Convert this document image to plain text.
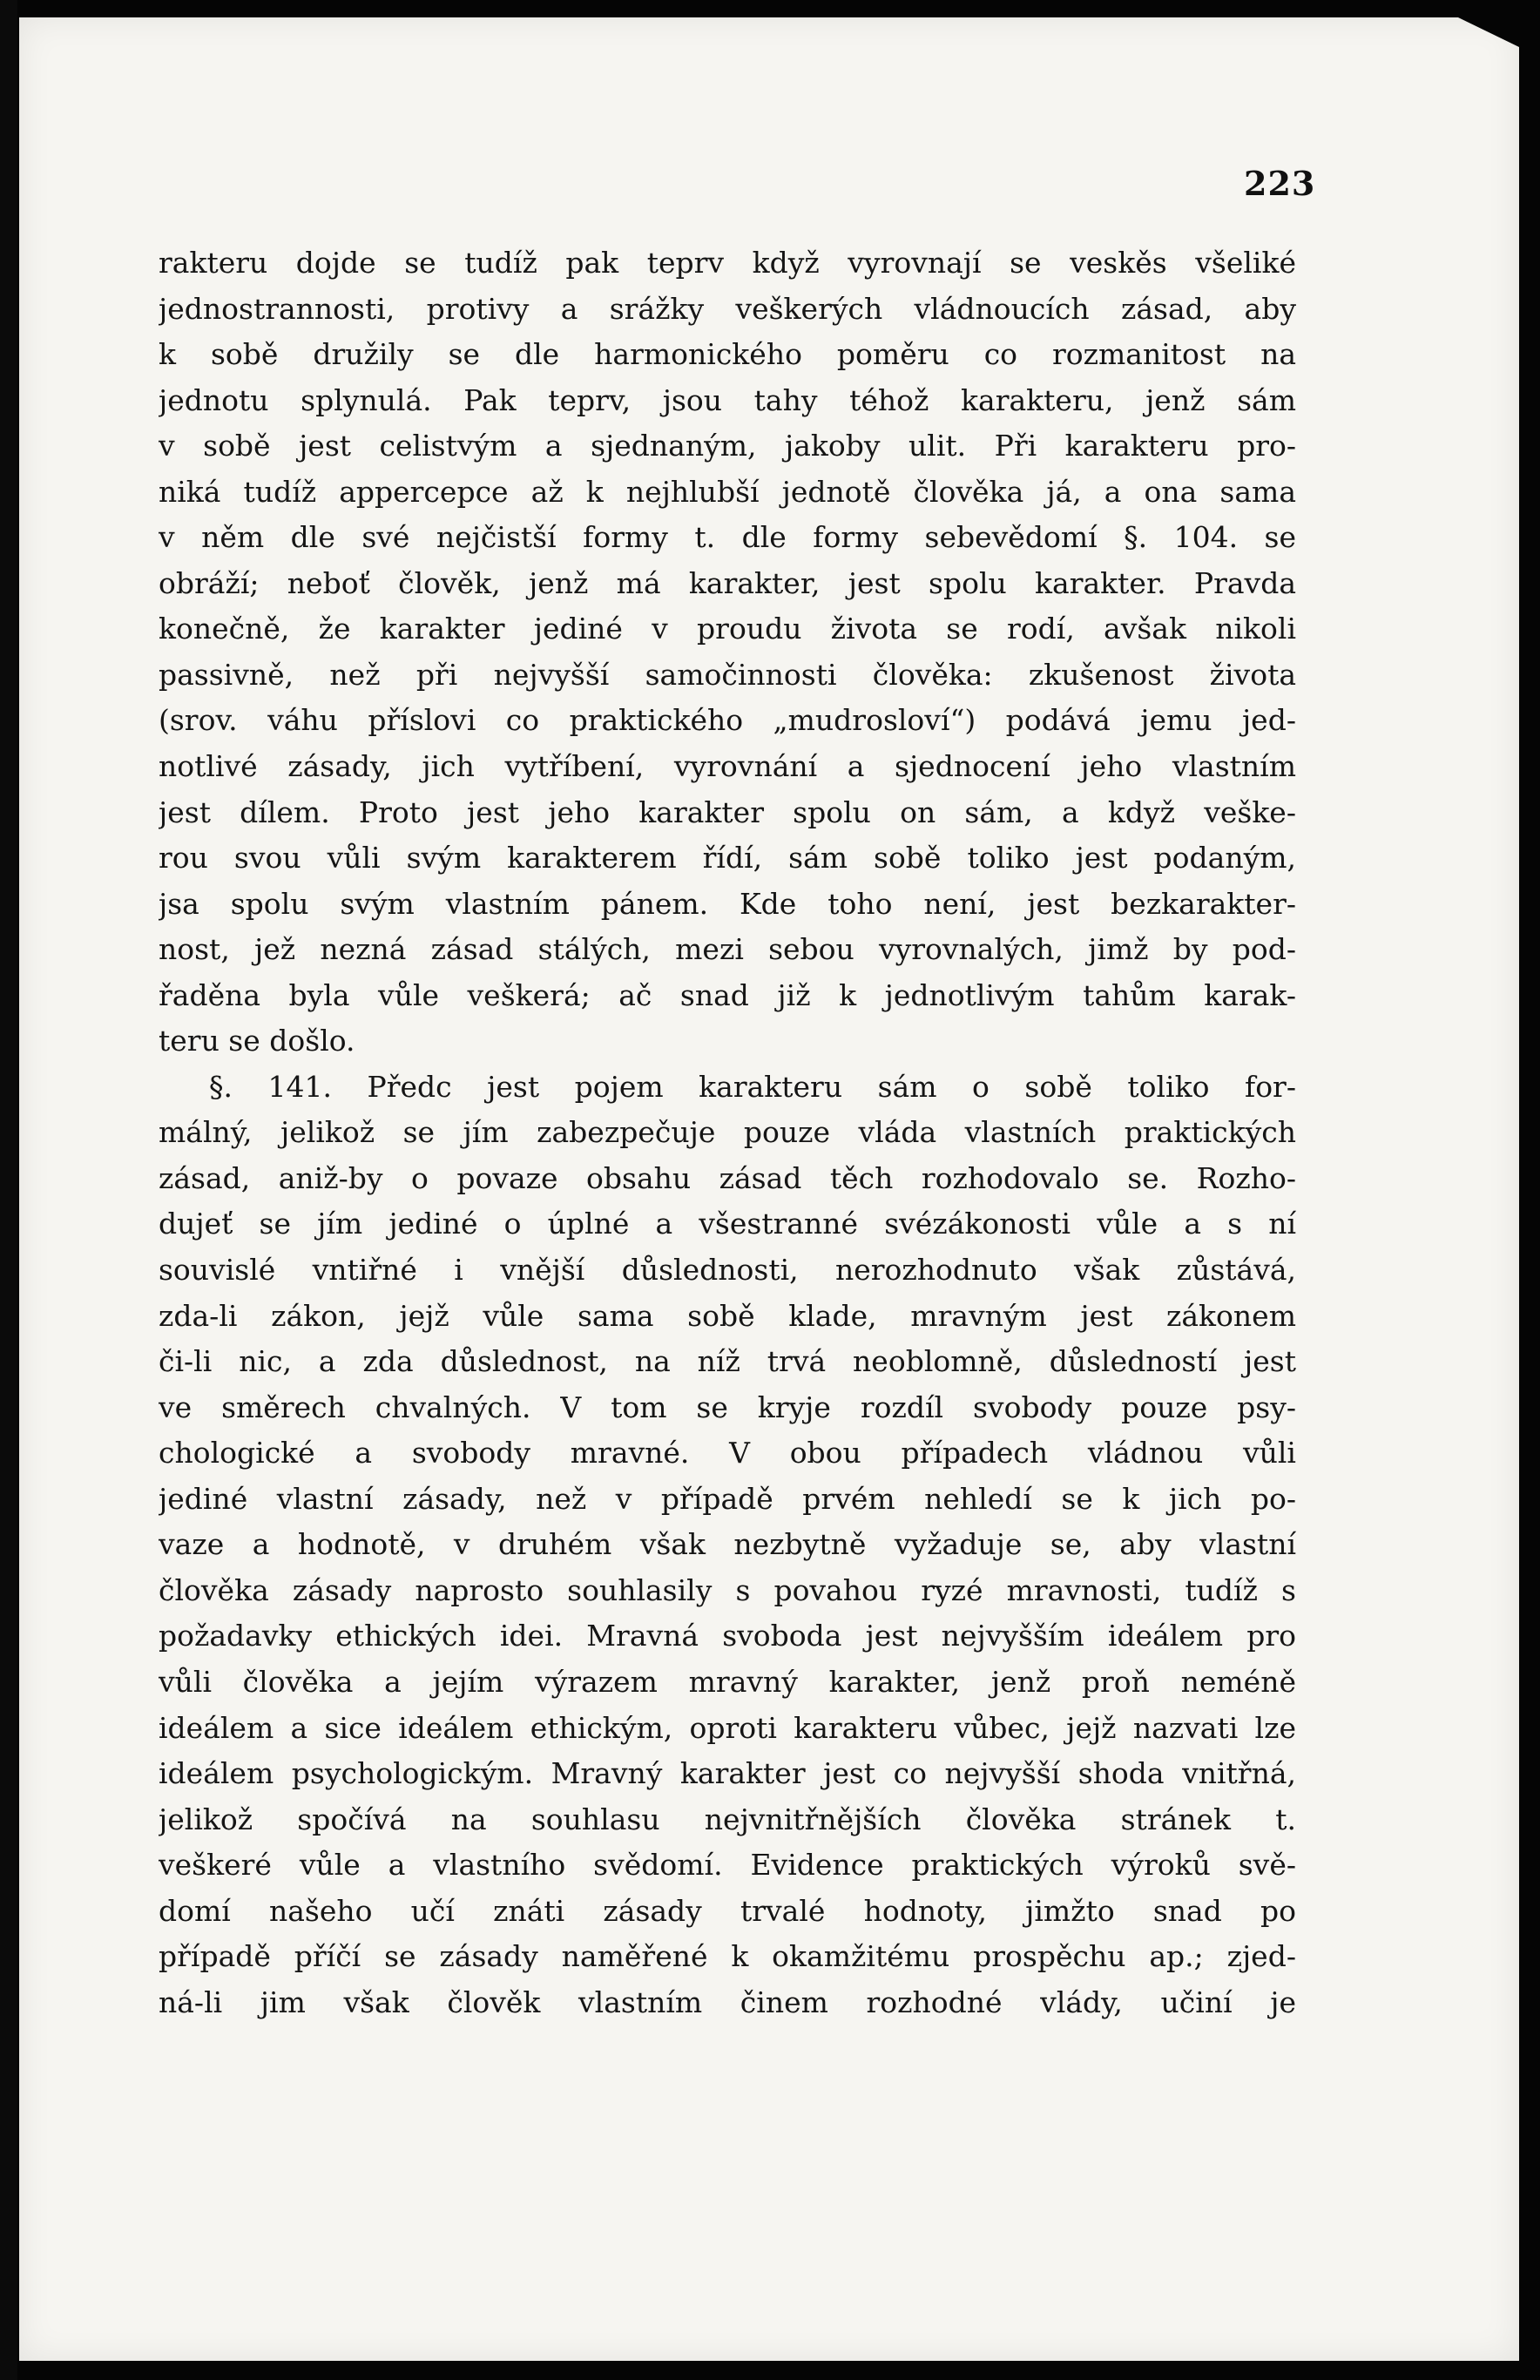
223
rakteru dojde se tudíž pak teprv když vyrovnají se veskěs všeliké
jednostrannosti, protivy a srážky veškerých vládnoucích zásad, aby
k sobě družily se dle harmonického poměru co rozmanitost na
jednotu splynulá. Pak teprv, jsou tahy téhož karakteru, jenž sám
v sobě jest celistvým a sjednaným, jakoby ulit. Při karakteru pro-
niká tudíž appercepce až k nejhlubší jednotě člověka já, a ona sama
v něm dle své nejčistší formy t. dle formy sebevědomí §. 104. se
obráží; neboť člověk, jenž má karakter, jest spolu karakter. Pravda
konečně, že karakter jediné v proudu života se rodí, avšak nikoli
passivně, než při nejvyšší samočinnosti člověka: zkušenost života
(srov. váhu příslovi co praktického „mudrosloví“) podává jemu jed-
notlivé zásady, jich vytříbení, vyrovnání a sjednocení jeho vlastním
jest dílem. Proto jest jeho karakter spolu on sám, a když veške-
rou svou vůli svým karakterem řídí, sám sobě toliko jest podaným,
jsa spolu svým vlastním pánem. Kde toho není, jest bezkarakter-
nost, jež nezná zásad stálých, mezi sebou vyrovnalých, jimž by pod-
řaděna byla vůle veškerá; ač snad již k jednotlivým tahům karak-
teru se došlo.
§. 141. Předc jest pojem karakteru sám o sobě toliko for-
málný, jelikož se jím zabezpečuje pouze vláda vlastních praktických
zásad, aniž-by o povaze obsahu zásad těch rozhodovalo se. Rozho-
dujeť se jím jediné o úplné a všestranné svézákonosti vůle a s ní
souvislé vntiřné i vnější důslednosti, nerozhodnuto však zůstává,
zda-li zákon, jejž vůle sama sobě klade, mravným jest zákonem
či-li nic, a zda důslednost, na níž trvá neoblomně, důsledností jest
ve směrech chvalných. V tom se kryje rozdíl svobody pouze psy-
chologické a svobody mravné. V obou případech vládnou vůli
jediné vlastní zásady, než v případě prvém nehledí se k jich po-
vaze a hodnotě, v druhém však nezbytně vyžaduje se, aby vlastní
člověka zásady naprosto souhlasily s povahou ryzé mravnosti, tudíž s
požadavky ethických idei. Mravná svoboda jest nejvyšším ideálem pro
vůli člověka a jejím výrazem mravný karakter, jenž proň neméně
ideálem a sice ideálem ethickým, oproti karakteru vůbec, jejž nazvati lze
ideálem psychologickým. Mravný karakter jest co nejvyšší shoda vnitřná,
jelikož spočívá na souhlasu nejvnitřnějších člověka stránek t.
veškeré vůle a vlastního svědomí. Evidence praktických výroků svě-
domí našeho učí znáti zásady trvalé hodnoty, jimžto snad po
případě příčí se zásady naměřené k okamžitému prospěchu ap.; zjed-
ná-li jim však člověk vlastním činem rozhodné vlády, učiní je
